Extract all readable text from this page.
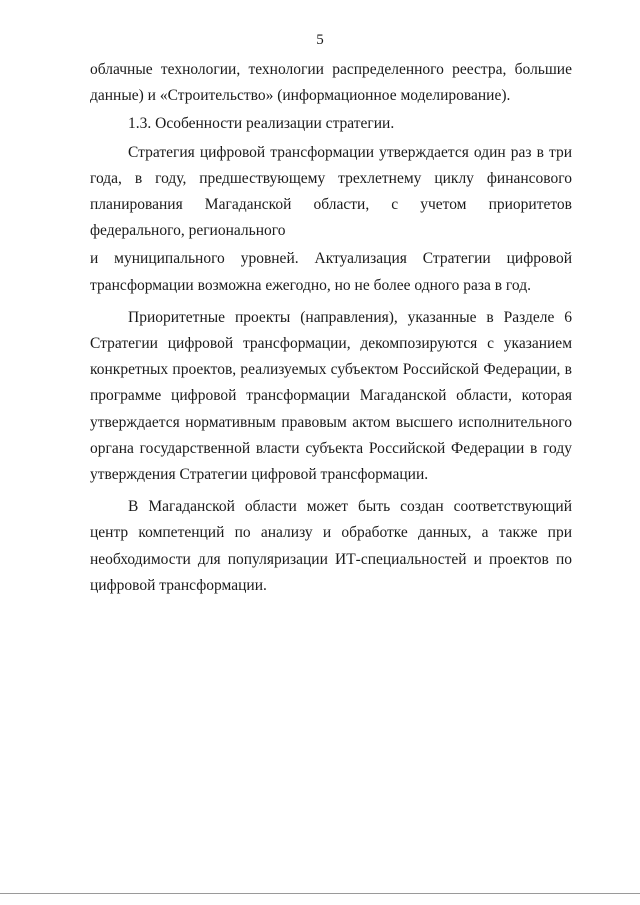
5

облачные технологии, технологии распределенного реестра, большие данные) и «Строительство» (информационное моделирование).

1.3. Особенности реализации стратегии.

Стратегия цифровой трансформации утверждается один раз в три года, в году, предшествующему трехлетнему циклу финансового планирования Магаданской области, с учетом приоритетов федерального, регионального

и муниципального уровней. Актуализация Стратегии цифровой трансформации возможна ежегодно, но не более одного раза в год.

Приоритетные проекты (направления), указанные в Разделе 6 Стратегии цифровой трансформации, декомпозируются с указанием конкретных проектов, реализуемых субъектом Российской Федерации, в программе цифровой трансформации Магаданской области, которая утверждается нормативным правовым актом высшего исполнительного органа государственной власти субъекта Российской Федерации в году утверждения Стратегии цифровой трансформации.

В Магаданской области может быть создан соответствующий центр компетенций по анализу и обработке данных, а также при необходимости для популяризации ИТ-специальностей и проектов по цифровой трансформации.
